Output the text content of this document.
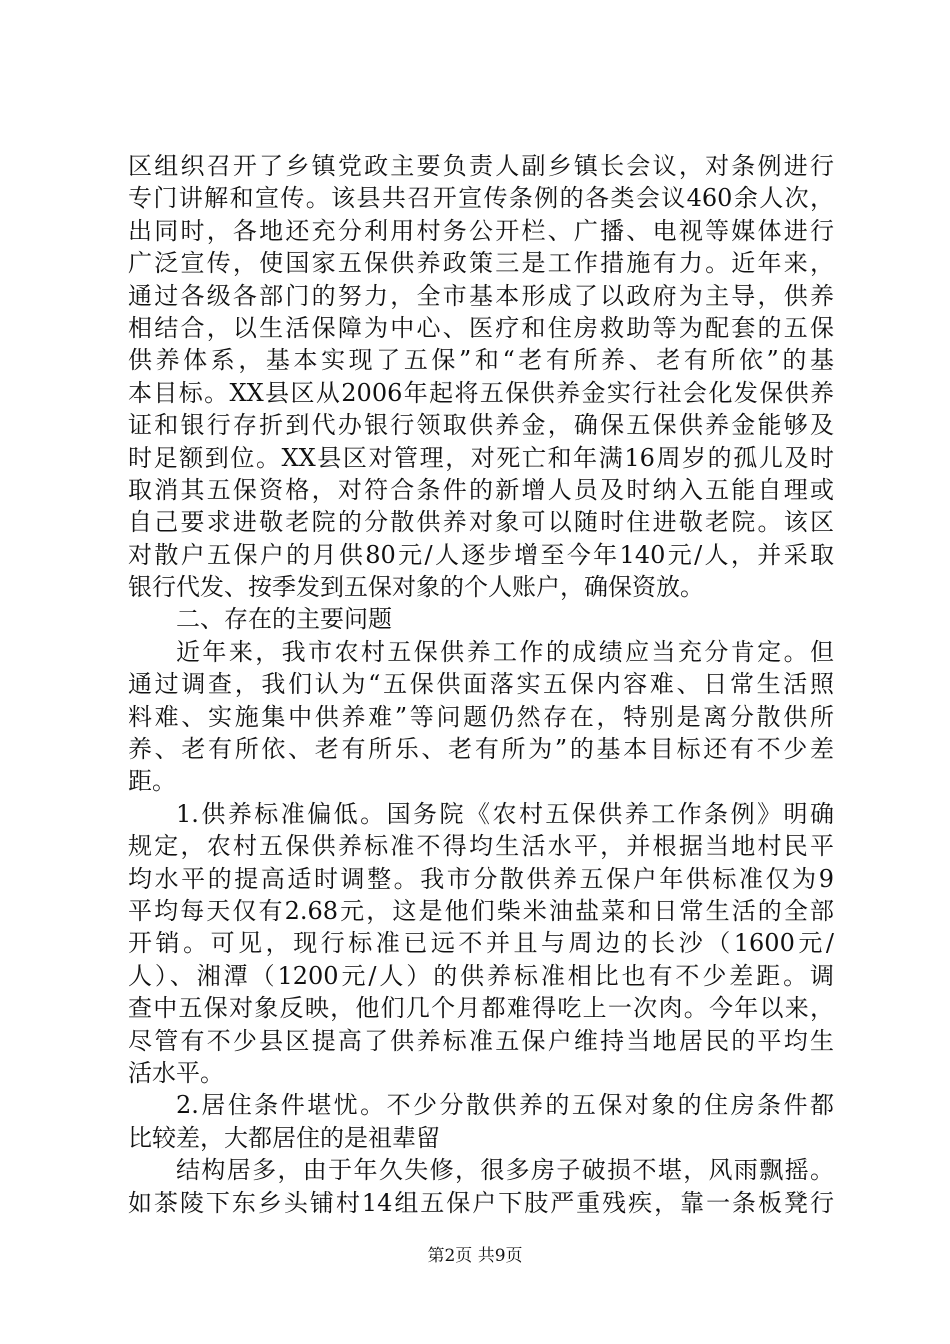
区组织召开了乡镇党政主要负责人副乡镇长会议，对条例进行
专门讲解和宣传。该县共召开宣传条例的各类会议460余人次，
出同时，各地还充分利用村务公开栏、广播、电视等媒体进行
广泛宣传，使国家五保供养政策三是工作措施有力。近年来，
通过各级各部门的努力，全市基本形成了以政府为主导，供养
相结合，以生活保障为中心、医疗和住房救助等为配套的五保
供养体系，基本实现了五保”和“老有所养、老有所依”的基
本目标。XX县区从2006年起将五保供养金实行社会化发保供养
证和银行存折到代办银行领取供养金，确保五保供养金能够及
时足额到位。XX县区对管理，对死亡和年满16周岁的孤儿及时
取消其五保资格，对符合条件的新增人员及时纳入五能自理或
自己要求进敬老院的分散供养对象可以随时住进敬老院。该区
对散户五保户的月供80元/人逐步增至今年140元/人，并采取
银行代发、按季发到五保对象的个人账户，确保资放。
二、存在的主要问题
近年来，我市农村五保供养工作的成绩应当充分肯定。但
通过调查，我们认为“五保供面落实五保内容难、日常生活照
料难、实施集中供养难”等问题仍然存在，特别是离分散供所
养、老有所依、老有所乐、老有所为”的基本目标还有不少差
距。
1.供养标准偏低。国务院《农村五保供养工作条例》明确
规定，农村五保供养标准不得均生活水平，并根据当地村民平
均水平的提高适时调整。我市分散供养五保户年供标准仅为9
平均每天仅有2.68元，这是他们柴米油盐菜和日常生活的全部
开销。可见，现行标准已远不并且与周边的长沙（1600元/
人）、湘潭（1200元/人）的供养标准相比也有不少差距。调
查中五保对象反映，他们几个月都难得吃上一次肉。今年以来，
尽管有不少县区提高了供养标准五保户维持当地居民的平均生
活水平。
2.居住条件堪忧。不少分散供养的五保对象的住房条件都
比较差，大都居住的是祖辈留
结构居多，由于年久失修，很多房子破损不堪，风雨飘摇。
如茶陵下东乡头铺村14组五保户下肢严重残疾，靠一条板凳行
第2页 共9页
